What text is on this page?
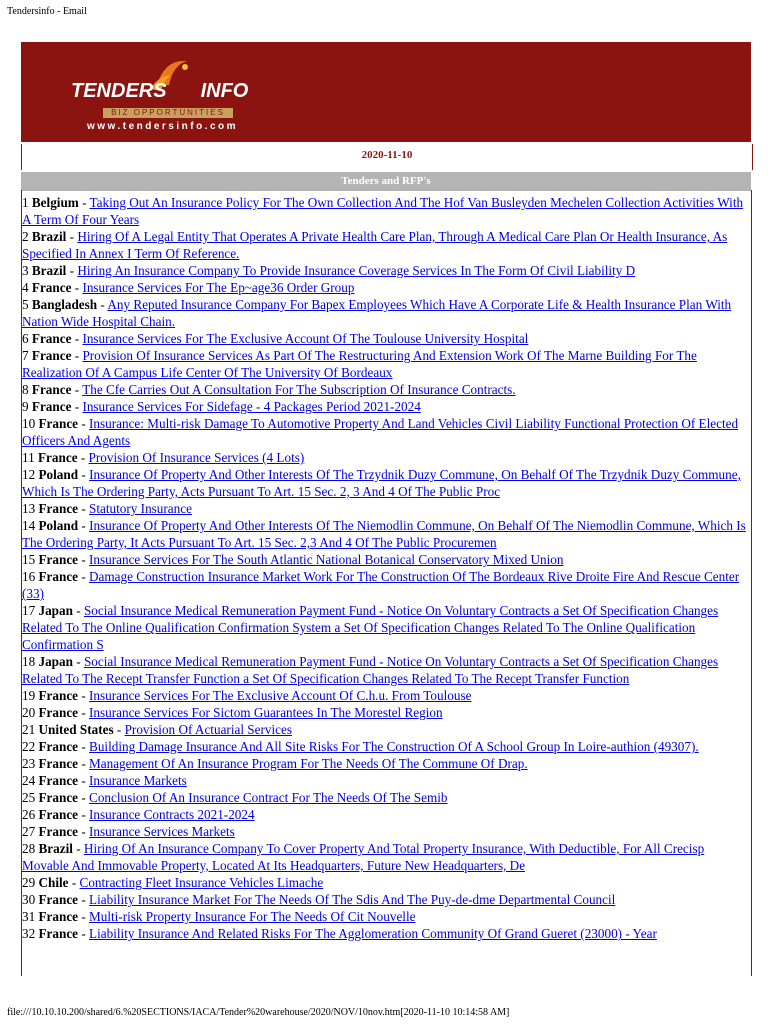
Tendersinfo - Email
TENDERS INFO
BIZ OPPORTUNITIES
www.tendersinfo.com
2020-11-10
Tenders and RFP's
1 Belgium - Taking Out An Insurance Policy For The Own Collection And The Hof Van Busleyden Mechelen Collection Activities With A Term Of Four Years
2 Brazil - Hiring Of A Legal Entity That Operates A Private Health Care Plan, Through A Medical Care Plan Or Health Insurance, As Specified In Annex I Term Of Reference.
3 Brazil - Hiring An Insurance Company To Provide Insurance Coverage Services In The Form Of Civil Liability D
4 France - Insurance Services For The Ep~age36 Order Group
5 Bangladesh - Any Reputed Insurance Company For Bapex Employees Which Have A Corporate Life & Health Insurance Plan With Nation Wide Hospital Chain.
6 France - Insurance Services For The Exclusive Account Of The Toulouse University Hospital
7 France - Provision Of Insurance Services As Part Of The Restructuring And Extension Work Of The Marne Building For The Realization Of A Campus Life Center Of The University Of Bordeaux
8 France - The Cfe Carries Out A Consultation For The Subscription Of Insurance Contracts.
9 France - Insurance Services For Sidefage - 4 Packages Period 2021-2024
10 France - Insurance: Multi-risk Damage To Automotive Property And Land Vehicles Civil Liability Functional Protection Of Elected Officers And Agents
11 France - Provision Of Insurance Services (4 Lots)
12 Poland - Insurance Of Property And Other Interests Of The Trzydnik Duzy Commune, On Behalf Of The Trzydnik Duzy Commune, Which Is The Ordering Party, Acts Pursuant To Art. 15 Sec. 2, 3 And 4 Of The Public Proc
13 France - Statutory Insurance
14 Poland - Insurance Of Property And Other Interests Of The Niemodlin Commune, On Behalf Of The Niemodlin Commune, Which Is The Ordering Party, It Acts Pursuant To Art. 15 Sec. 2,3 And 4 Of The Public Procuremen
15 France - Insurance Services For The South Atlantic National Botanical Conservatory Mixed Union
16 France - Damage Construction Insurance Market Work For The Construction Of The Bordeaux Rive Droite Fire And Rescue Center (33)
17 Japan - Social Insurance Medical Remuneration Payment Fund - Notice On Voluntary Contracts a Set Of Specification Changes Related To The Online Qualification Confirmation System a Set Of Specification Changes Related To The Online Qualification Confirmation S
18 Japan - Social Insurance Medical Remuneration Payment Fund - Notice On Voluntary Contracts a Set Of Specification Changes Related To The Recept Transfer Function a Set Of Specification Changes Related To The Recept Transfer Function
19 France - Insurance Services For The Exclusive Account Of C.h.u. From Toulouse
20 France - Insurance Services For Sictom Guarantees In The Morestel Region
21 United States - Provision Of Actuarial Services
22 France - Building Damage Insurance And All Site Risks For The Construction Of A School Group In Loire-authion (49307).
23 France - Management Of An Insurance Program For The Needs Of The Commune Of Drap.
24 France - Insurance Markets
25 France - Conclusion Of An Insurance Contract For The Needs Of The Semib
26 France - Insurance Contracts 2021-2024
27 France - Insurance Services Markets
28 Brazil - Hiring Of An Insurance Company To Cover Property And Total Property Insurance, With Deductible, For All Crecisp Movable And Immovable Property, Located At Its Headquarters, Future New Headquarters, De
29 Chile - Contracting Fleet Insurance Vehicles Limache
30 France - Liability Insurance Market For The Needs Of The Sdis And The Puy-de-dme Departmental Council
31 France - Multi-risk Property Insurance For The Needs Of Cit Nouvelle
32 France - Liability Insurance And Related Risks For The Agglomeration Community Of Grand Gueret (23000) - Year
file:///10.10.10.200/shared/6.%20SECTIONS/IACA/Tender%20warehouse/2020/NOV/10nov.htm[2020-11-10 10:14:58 AM]
